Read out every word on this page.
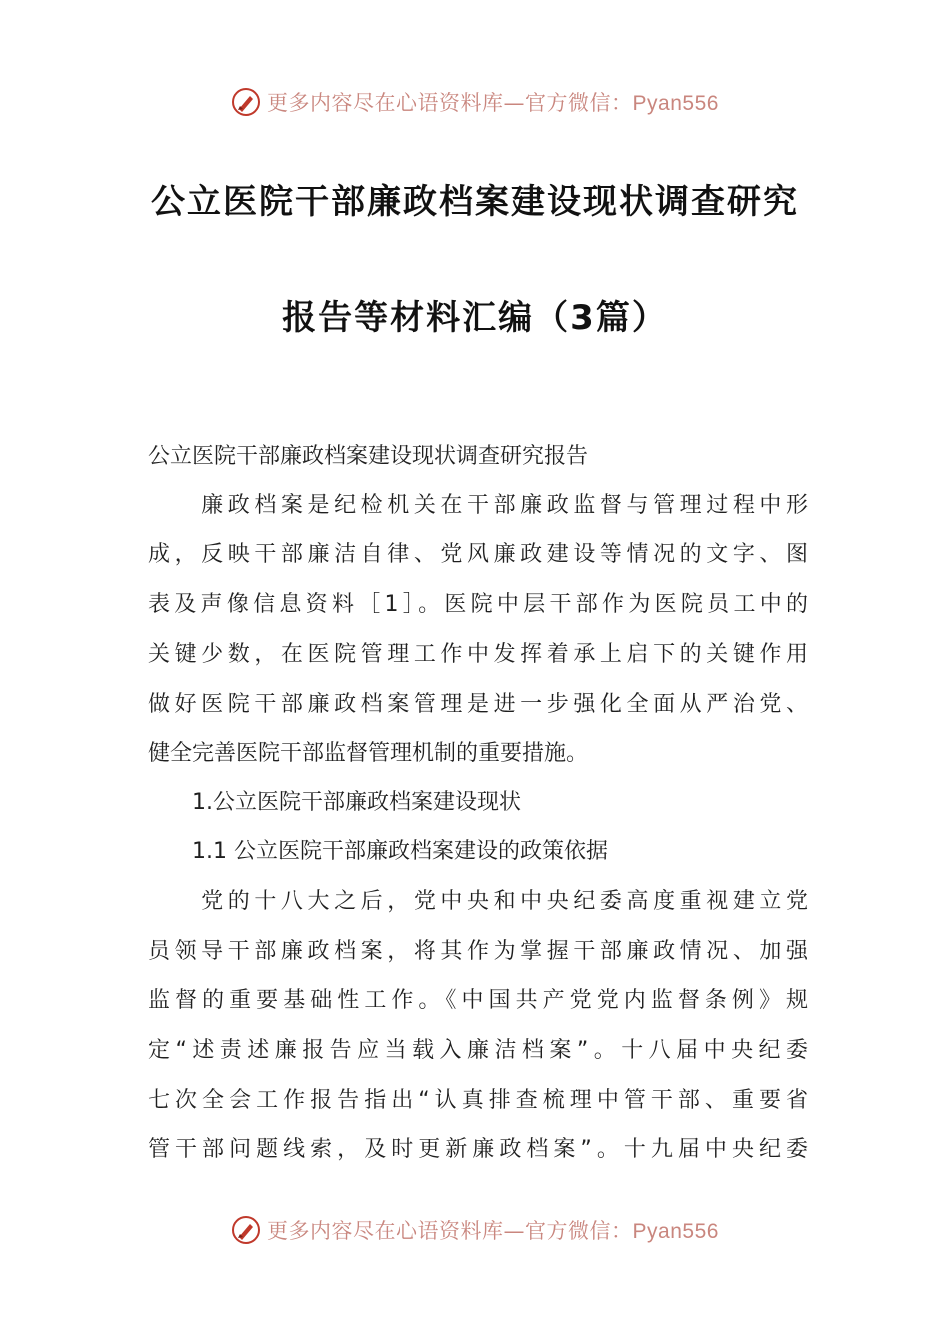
更多内容尽在心语资料库—官方微信：Pyan556
公立医院干部廉政档案建设现状调查研究
报告等材料汇编（3篇）
公立医院干部廉政档案建设现状调查研究报告
　　廉政档案是纪检机关在干部廉政监督与管理过程中形
成，反映干部廉洁自律、党风廉政建设等情况的文字、图
表及声像信息资料［1］。医院中层干部作为医院员工中的
关键少数，在医院管理工作中发挥着承上启下的关键作用
做好医院干部廉政档案管理是进一步强化全面从严治党、
健全完善医院干部监督管理机制的重要措施。
　　1.公立医院干部廉政档案建设现状
　　1.1 公立医院干部廉政档案建设的政策依据
　　党的十八大之后，党中央和中央纪委高度重视建立党
员领导干部廉政档案，将其作为掌握干部廉政情况、加强
监督的重要基础性工作。《中国共产党党内监督条例》规
定“述责述廉报告应当载入廉洁档案”。十八届中央纪委
七次全会工作报告指出“认真排查梳理中管干部、重要省
管干部问题线索，及时更新廉政档案”。十九届中央纪委
更多内容尽在心语资料库—官方微信：Pyan556
